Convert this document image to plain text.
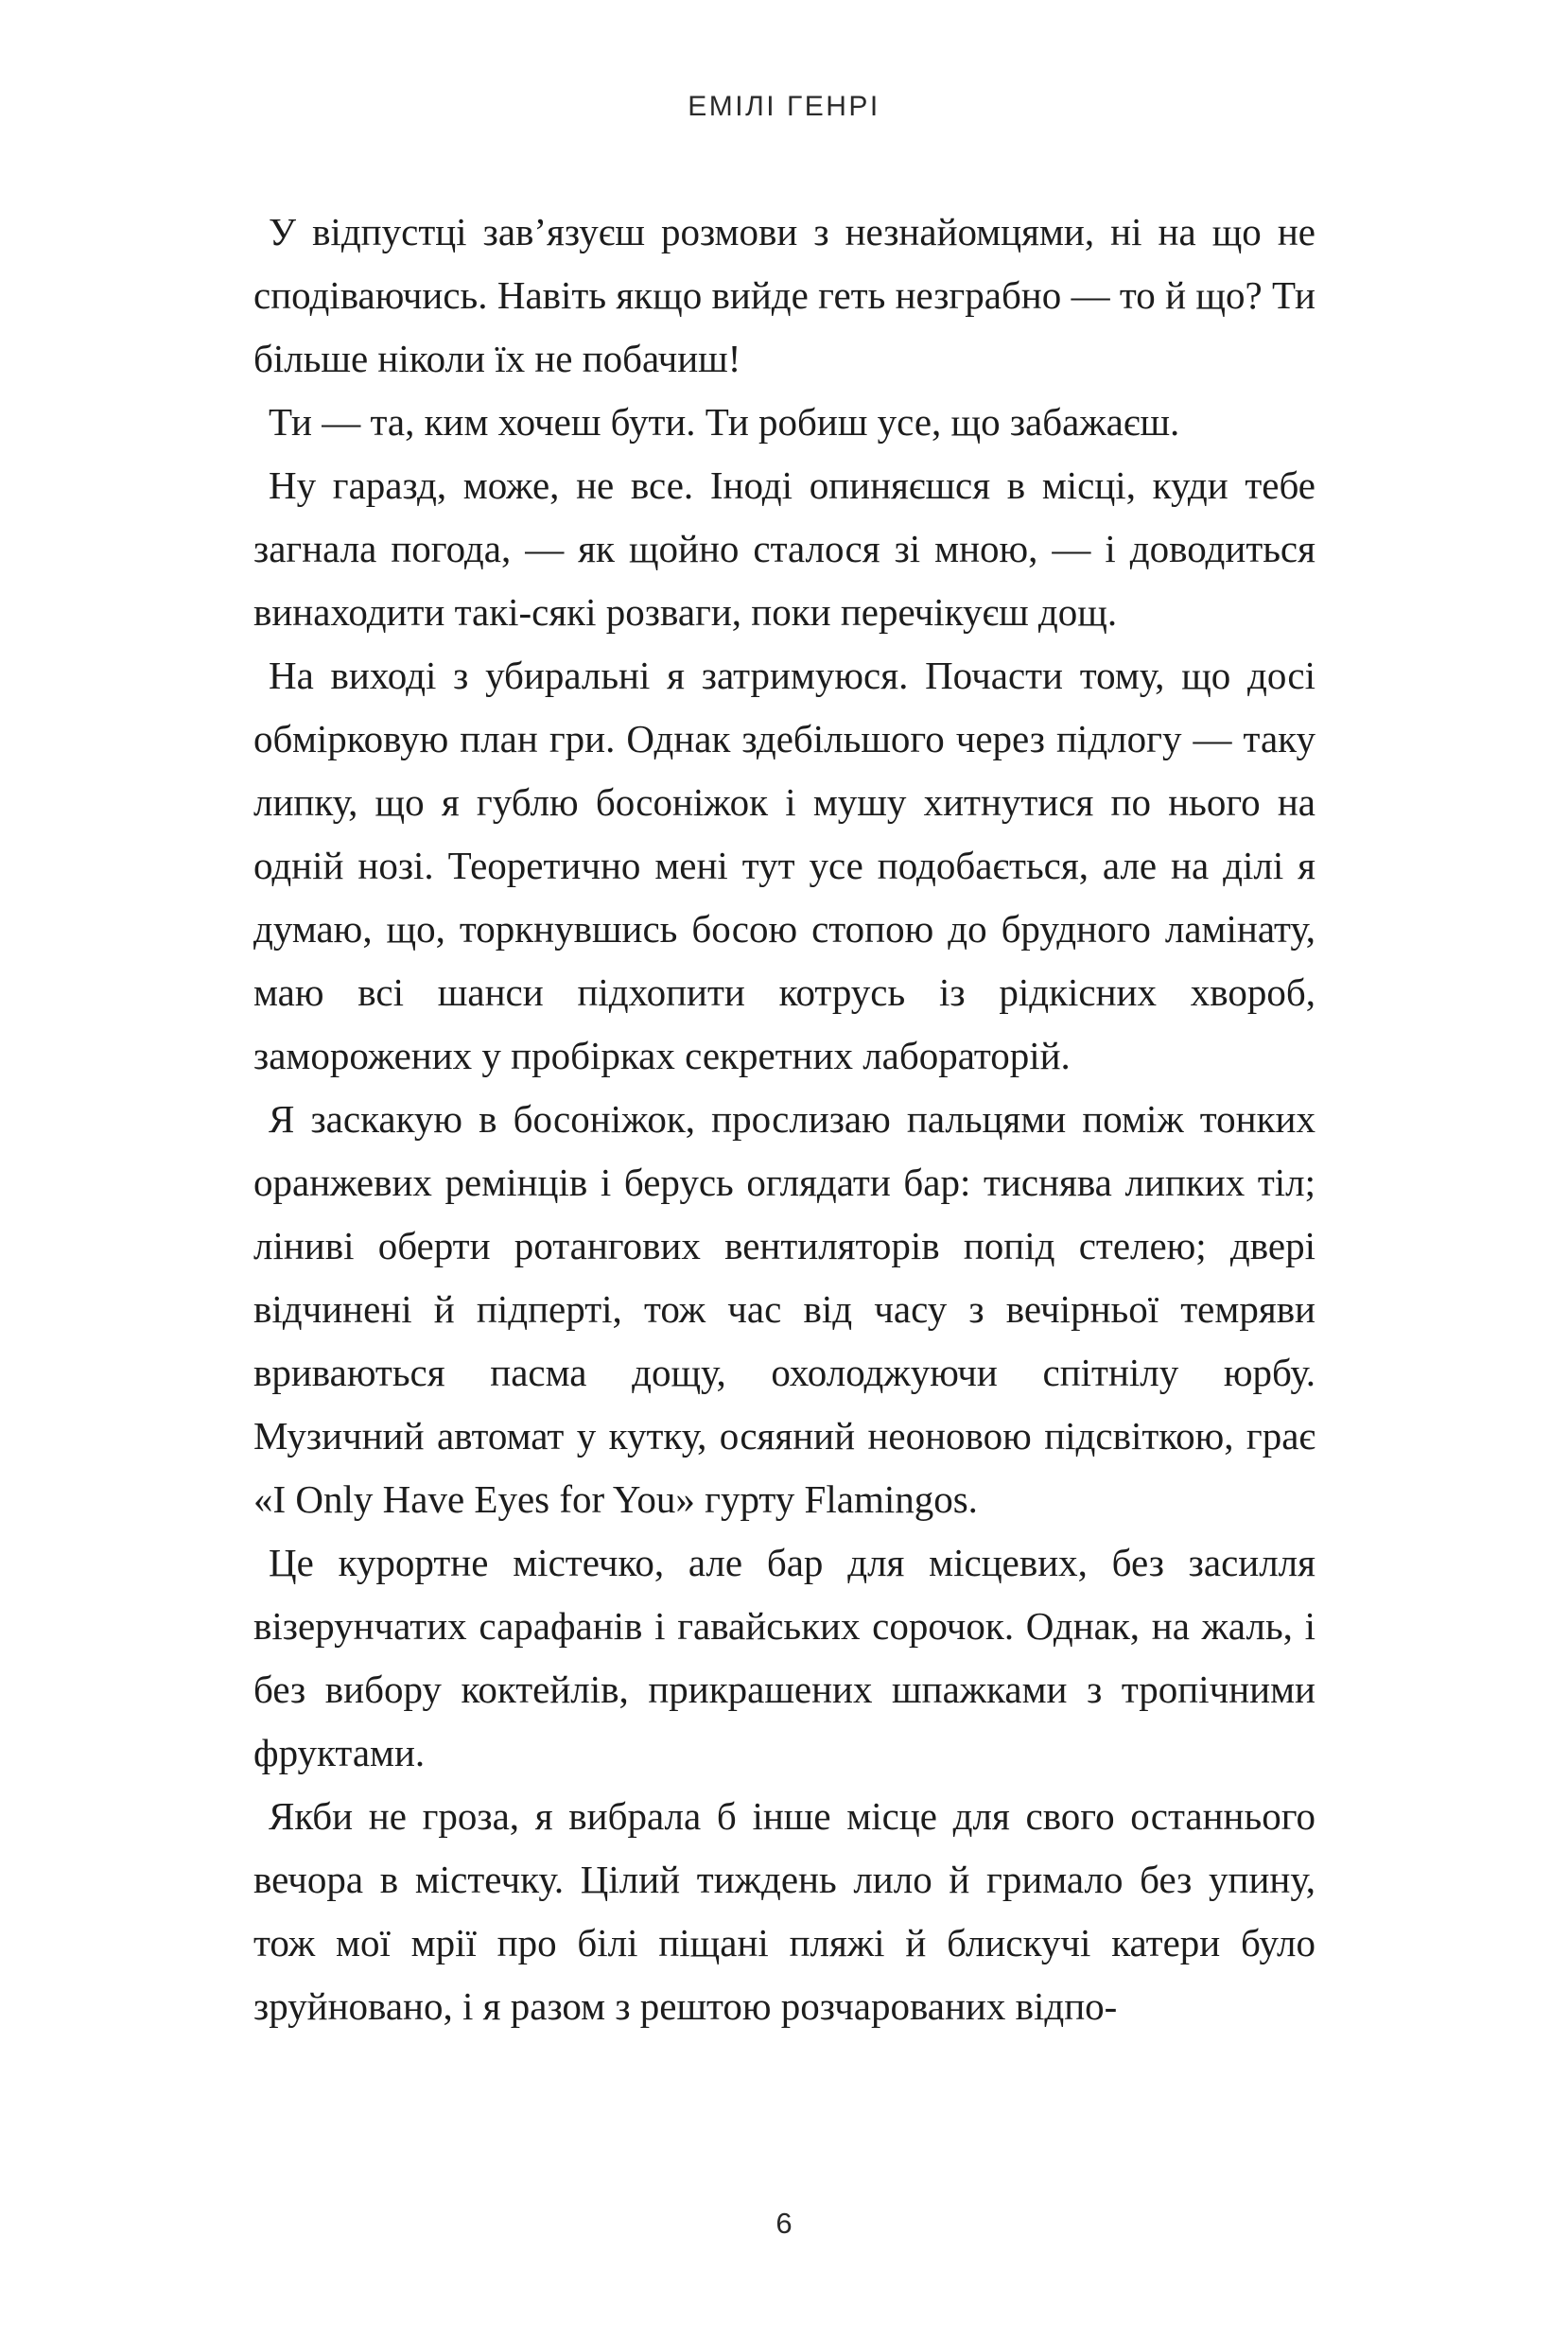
ЕМІЛІ ГЕНРІ

У відпустці зав’язуєш розмови з незнайомцями, ні на що не сподіваючись. Навіть якщо вийде геть незграбно — то й що? Ти більше ніколи їх не побачиш!

Ти — та, ким хочеш бути. Ти робиш усе, що забажаєш.

Ну гаразд, може, не все. Іноді опиняєшся в місці, куди тебе загнала погода, — як щойно сталося зі мною, — і доводиться винаходити такі-сякі розваги, поки перечікуєш дощ.

На виході з убиральні я затримуюся. Почасти тому, що досі обмірковую план гри. Однак здебільшого через підлогу — таку липку, що я гублю босоніжок і мушу хитнутися по нього на одній нозі. Теоретично мені тут усе подобається, але на ділі я думаю, що, торкнувшись босою стопою до брудного ламінату, маю всі шанси підхопити котрусь із рідкісних хвороб, заморожених у пробірках секретних лабораторій.

Я заскакую в босоніжок, прослизаю пальцями поміж тонких оранжевих ремінців і берусь оглядати бар: тиснява липких тіл; ліниві оберти ротангових вентиляторів попід стелею; двері відчинені й підперті, тож час від часу з вечірньої темряви вриваються пасма дощу, охолоджуючи спітнілу юрбу. Музичний автомат у кутку, осяяний неоновою підсвіткою, грає «I Only Have Eyes for You» гурту Flamingos.

Це курортне містечко, але бар для місцевих, без засилля візерунчатих сарафанів і гавайських сорочок. Однак, на жаль, і без вибору коктейлів, прикрашених шпажками з тропічними фруктами.

Якби не гроза, я вибрала б інше місце для свого останнього вечора в містечку. Цілий тиждень лило й гримало без упину, тож мої мрії про білі піщані пляжі й блискучі катери було зруйновано, і я разом з рештою розчарованих відпо-

6
